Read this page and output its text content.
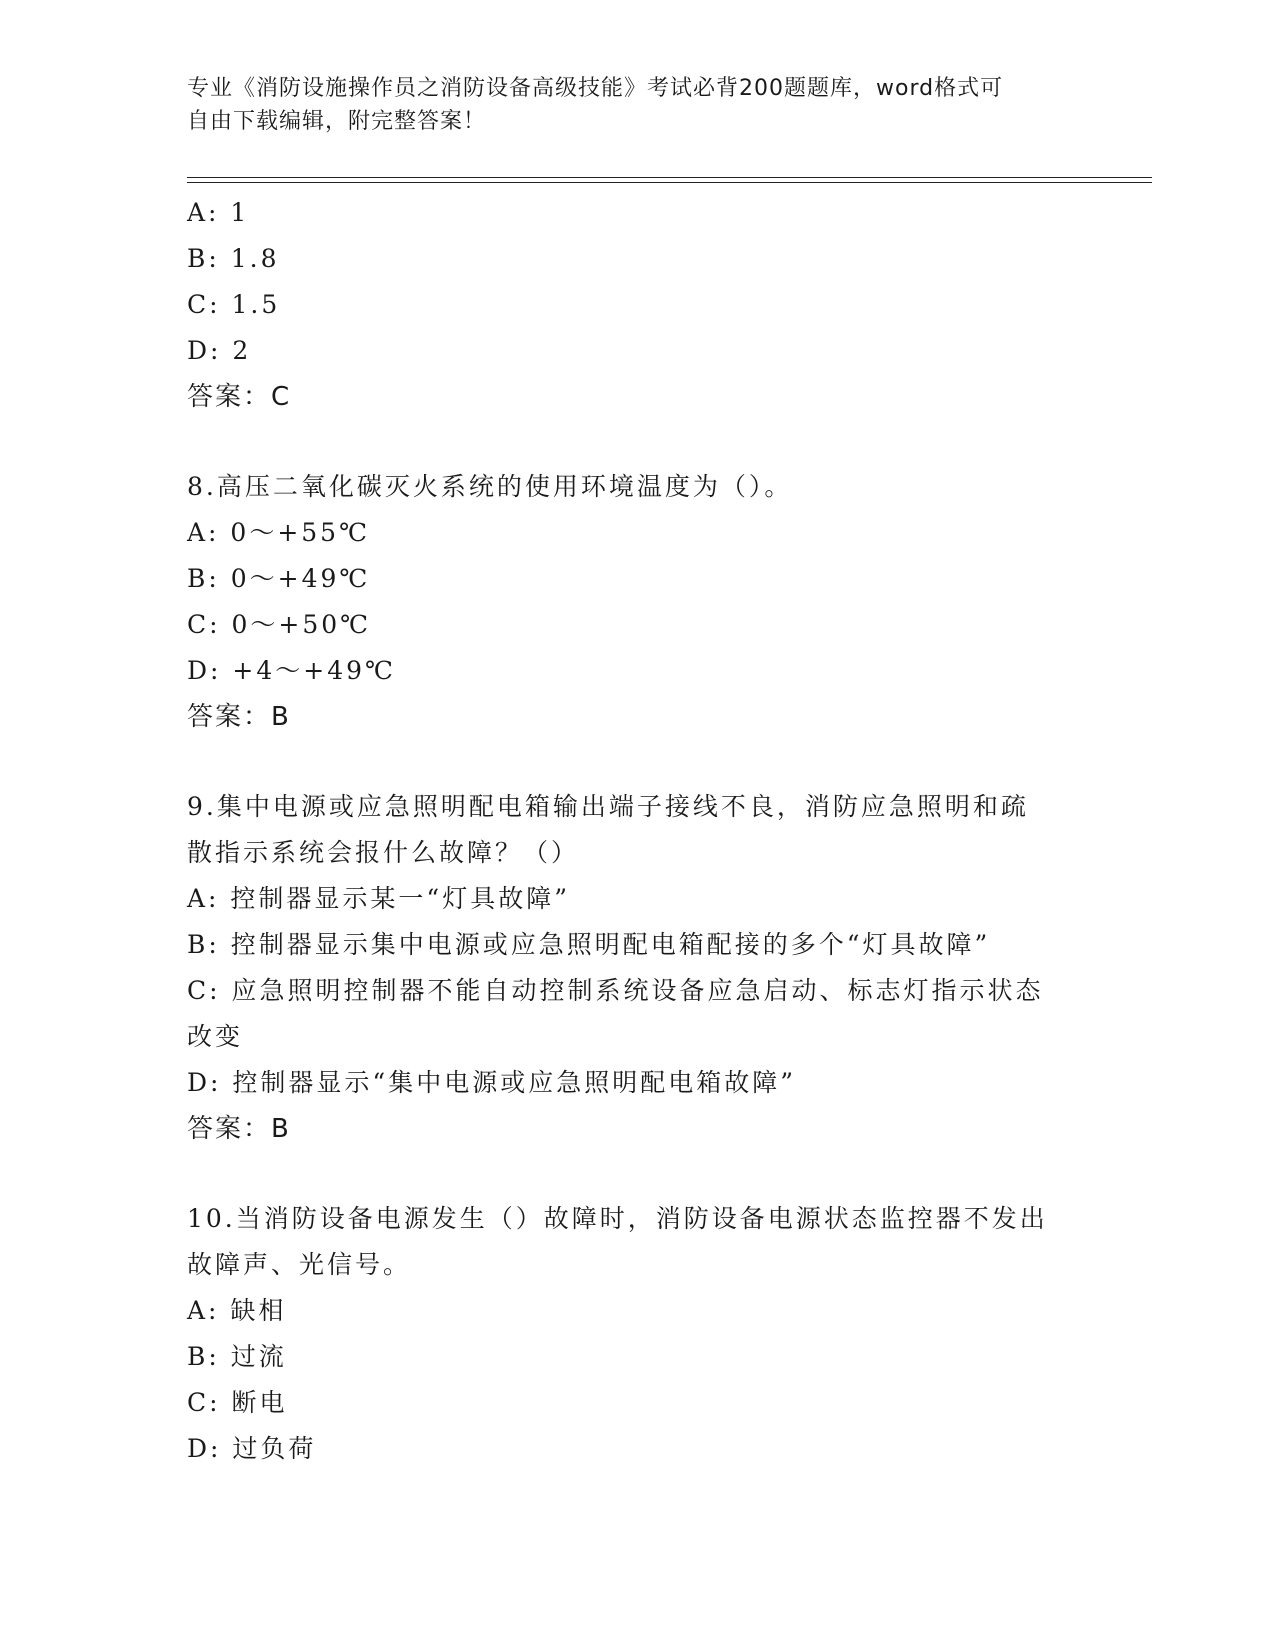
专业《消防设施操作员之消防设备高级技能》考试必背200题题库，word格式可
自由下载编辑，附完整答案！
A: 1
B: 1.8
C: 1.5
D: 2
答案：C
8.高压二氧化碳灭火系统的使用环境温度为（）。
A: 0～+55℃
B: 0～+49℃
C: 0～+50℃
D: +4～+49℃
答案：B
9.集中电源或应急照明配电箱输出端子接线不良，消防应急照明和疏
散指示系统会报什么故障？（）
A: 控制器显示某一“灯具故障”
B: 控制器显示集中电源或应急照明配电箱配接的多个“灯具故障”
C: 应急照明控制器不能自动控制系统设备应急启动、标志灯指示状态
改变
D: 控制器显示“集中电源或应急照明配电箱故障”
答案：B
10.当消防设备电源发生（）故障时，消防设备电源状态监控器不发出
故障声、光信号。
A: 缺相
B: 过流
C: 断电
D: 过负荷
